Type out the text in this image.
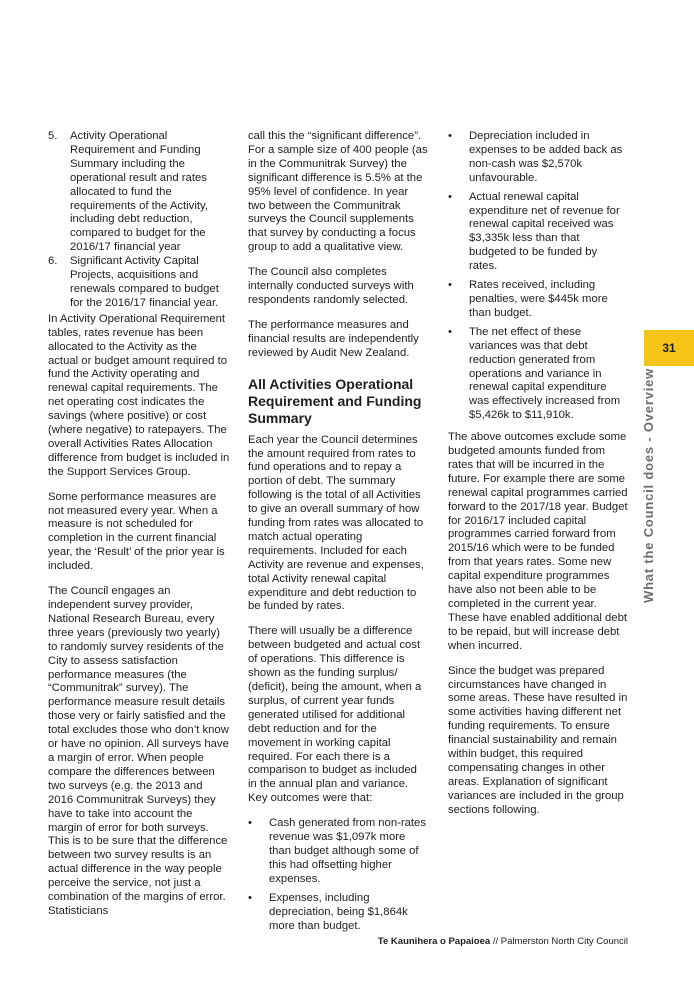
5.	Activity Operational Requirement and Funding Summary including the operational result and rates allocated to fund the requirements of the Activity, including debt reduction, compared to budget for the 2016/17 financial year
6.	Significant Activity Capital Projects, acquisitions and renewals compared to budget for the 2016/17 financial year.

In Activity Operational Requirement tables, rates revenue has been allocated to the Activity as the actual or budget amount required to fund the Activity operating and renewal capital requirements. The net operating cost indicates the savings (where positive) or cost (where negative) to ratepayers. The overall Activities Rates Allocation difference from budget is included in the Support Services Group.

Some performance measures are not measured every year. When a measure is not scheduled for completion in the current financial year, the ‘Result’ of the prior year is included.

The Council engages an independent survey provider, National Research Bureau, every three years (previously two yearly) to randomly survey residents of the City to assess satisfaction performance measures (the “Communitrak” survey). The performance measure result details those very or fairly satisfied and the total excludes those who don’t know or have no opinion. All surveys have a margin of error. When people compare the differences between two surveys (e.g. the 2013 and 2016 Communitrak Surveys) they have to take into account the margin of error for both surveys. This is to be sure that the difference between two survey results is an actual difference in the way people perceive the service, not just a combination of the margins of error. Statisticians

call this the “significant difference”. For a sample size of 400 people (as in the Communitrak Survey) the significant difference is 5.5% at the 95% level of confidence. In year two between the Communitrak surveys the Council supplements that survey by conducting a focus group to add a qualitative view.

The Council also completes internally conducted surveys with respondents randomly selected.

The performance measures and financial results are independently reviewed by Audit New Zealand.

All Activities Operational Requirement and Funding Summary

Each year the Council determines the amount required from rates to fund operations and to repay a portion of debt. The summary following is the total of all Activities to give an overall summary of how funding from rates was allocated to match actual operating requirements. Included for each Activity are revenue and expenses, total Activity renewal capital expenditure and debt reduction to be funded by rates.

There will usually be a difference between budgeted and actual cost of operations. This difference is shown as the funding surplus/ (deficit), being the amount, when a surplus, of current year funds generated utilised for additional debt reduction and for the movement in working capital required. For each there is a comparison to budget as included in the annual plan and variance. Key outcomes were that:

•	Cash generated from non-rates revenue was $1,097k more than budget although some of this had offsetting higher expenses.
•	Expenses, including depreciation, being $1,864k more than budget.
•	Depreciation included in expenses to be added back as non-cash was $2,570k unfavourable.
•	Actual renewal capital expenditure net of revenue for renewal capital received was $3,335k less than that budgeted to be funded by rates.
•	Rates received, including penalties, were $445k more than budget.
•	The net effect of these variances was that debt reduction generated from operations and variance in renewal capital expenditure was effectively increased from $5,426k to $11,910k.

The above outcomes exclude some budgeted amounts funded from rates that will be incurred in the future. For example there are some renewal capital programmes carried forward to the 2017/18 year. Budget for 2016/17 included capital programmes carried forward from 2015/16 which were to be funded from that years rates. Some new capital expenditure programmes have also not been able to be completed in the current year. These have enabled additional debt to be repaid, but will increase debt when incurred.

Since the budget was prepared circumstances have changed in some areas. These have resulted in some activities having different net funding requirements. To ensure financial sustainability and remain within budget, this required compensating changes in other areas. Explanation of significant variances are included in the group sections following.

31
What the Council does - Overview
Te Kaunihera o Papaioea // Palmerston North City Council
